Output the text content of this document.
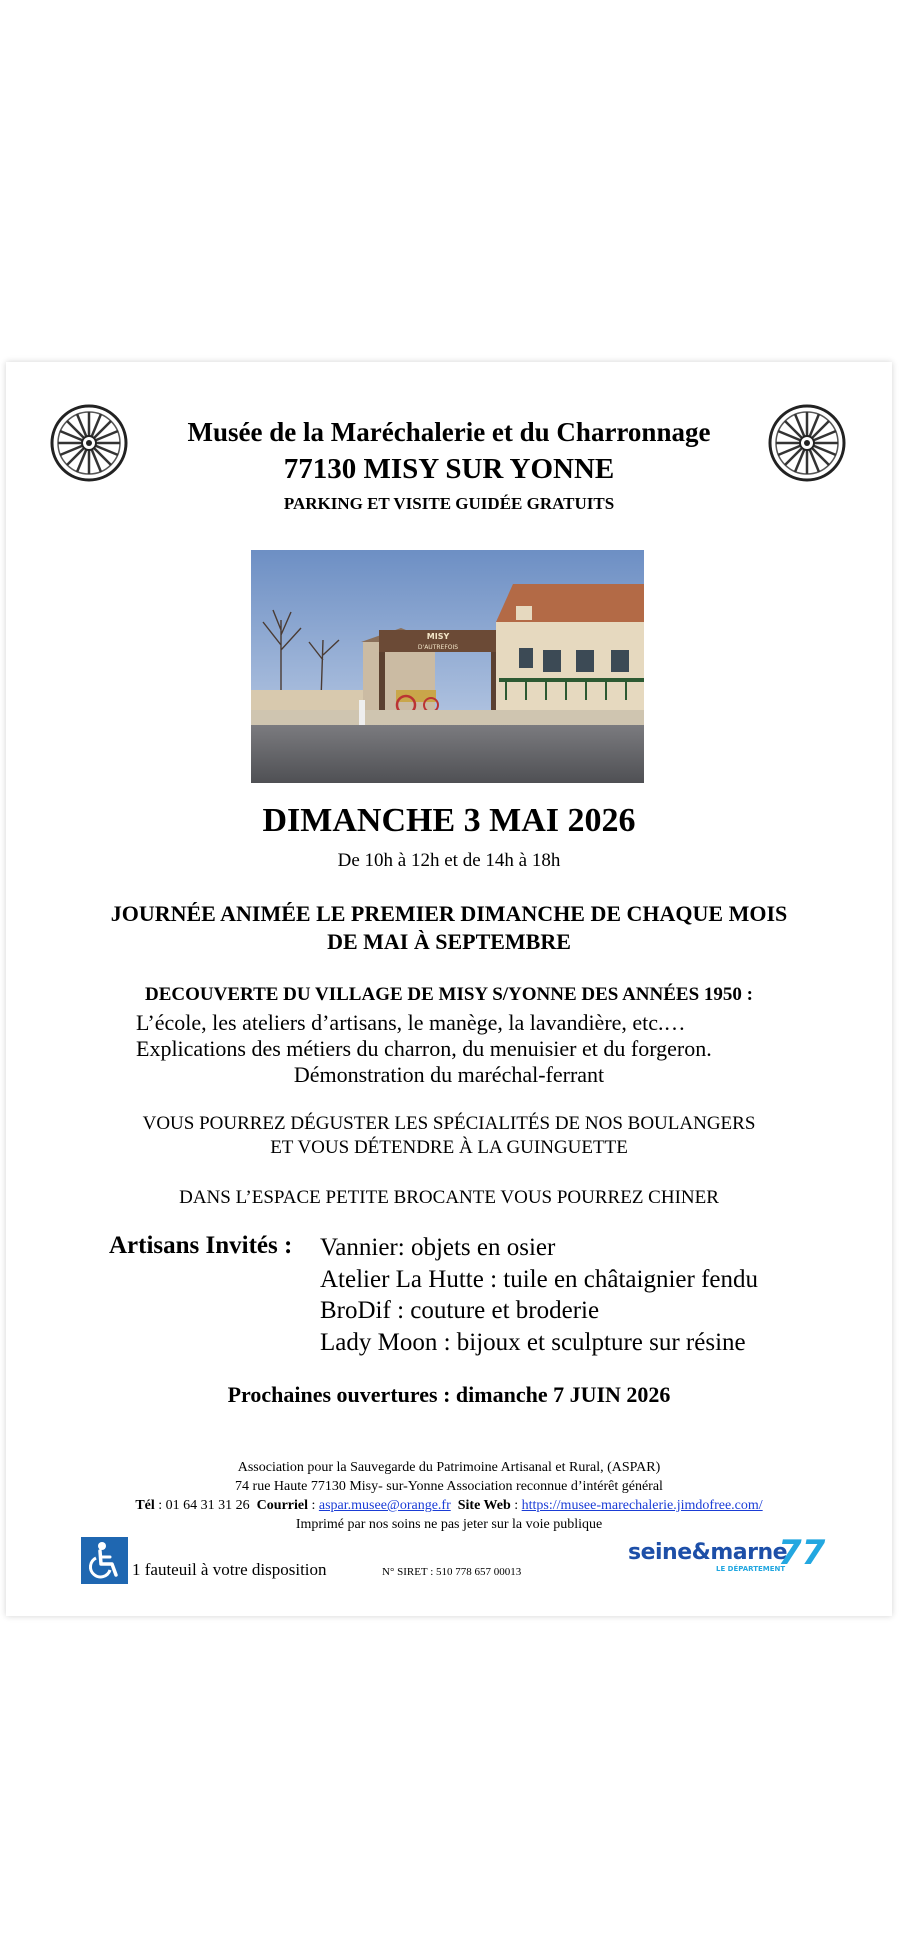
Musée de la Maréchalerie et du Charronnage
77130 MISY SUR YONNE
PARKING ET VISITE GUIDÉE GRATUITS
MISY
D'AUTREFOIS
DIMANCHE 3 MAI 2026
De 10h à 12h et de 14h à 18h
JOURNÉE ANIMÉE LE PREMIER DIMANCHE DE CHAQUE MOIS
DE MAI À SEPTEMBRE
DECOUVERTE DU VILLAGE DE MISY S/YONNE DES ANNÉES 1950 :
L’école, les ateliers d’artisans, le manège, la lavandière, etc.…
Explications des métiers du charron, du menuisier et du forgeron.
Démonstration du maréchal-ferrant
VOUS POURREZ DÉGUSTER LES SPÉCIALITÉS DE NOS BOULANGERS
ET VOUS DÉTENDRE À LA GUINGUETTE
DANS L’ESPACE PETITE BROCANTE VOUS POURREZ CHINER
Artisans Invités : Vannier: objets en osier
Atelier La Hutte : tuile en châtaignier fendu
BroDif : couture et broderie
Lady Moon : bijoux et sculpture sur résine
Prochaines ouvertures : dimanche 7 JUIN 2026
Association pour la Sauvegarde du Patrimoine Artisanal et Rural, (ASPAR)
74 rue Haute 77130 Misy- sur-Yonne Association reconnue d’intérêt général
Tél : 01 64 31 31 26 Courriel : aspar.musee@orange.fr Site Web : https://musee-marechalerie.jimdofree.com/
Imprimé par nos soins ne pas jeter sur la voie publique
1 fauteuil à votre disposition	N° SIRET : 510 778 657 00013
seine&marne
77
LE DÉPARTEMENT
